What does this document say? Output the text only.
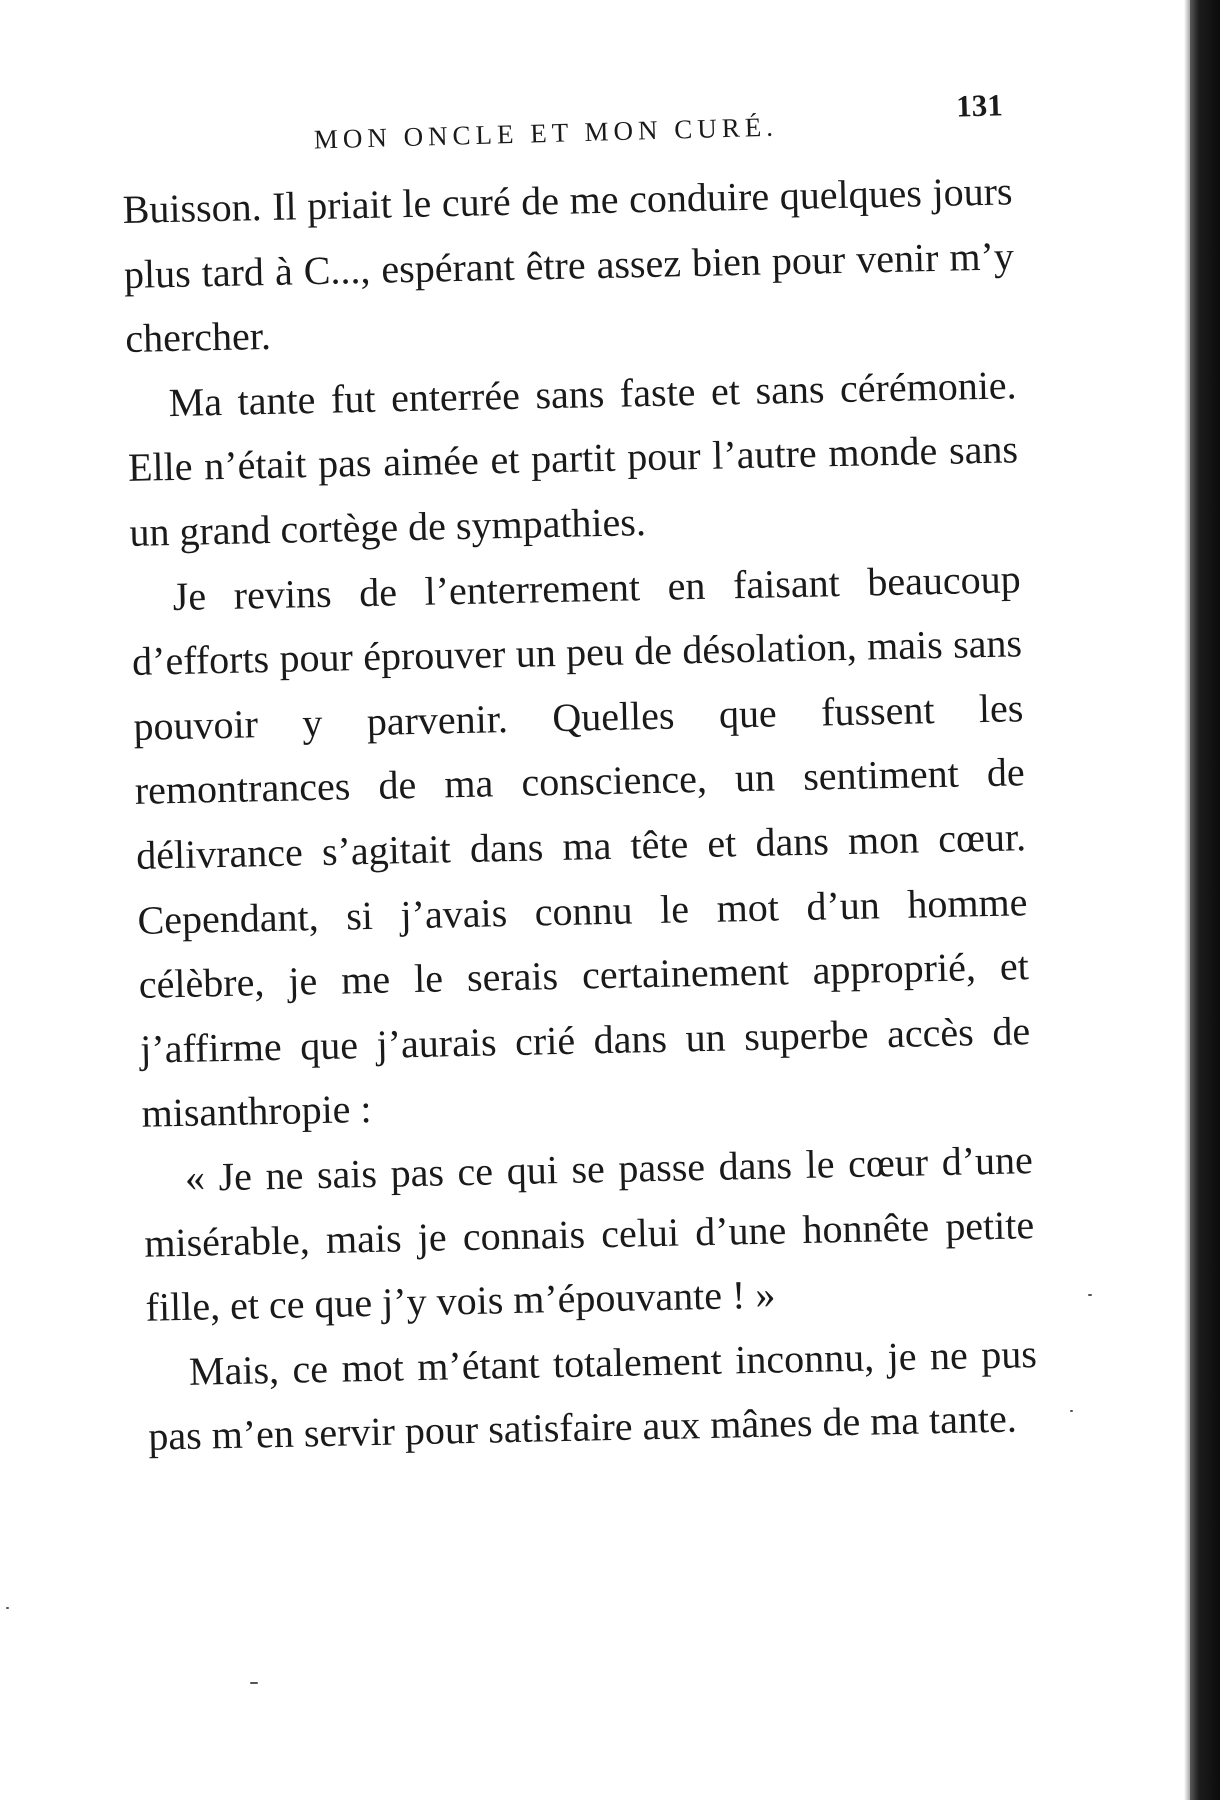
MON ONCLE ET MON CURÉ.
131

Buisson. Il priait le curé de me conduire quelques jours plus tard à C..., espérant être assez bien pour venir m’y chercher.

Ma tante fut enterrée sans faste et sans cérémonie. Elle n’était pas aimée et partit pour l’autre monde sans un grand cortège de sympathies.

Je revins de l’enterrement en faisant beaucoup d’efforts pour éprouver un peu de désolation, mais sans pouvoir y parvenir. Quelles que fussent les remontrances de ma conscience, un sentiment de délivrance s’agitait dans ma tête et dans mon cœur. Cependant, si j’avais connu le mot d’un homme célèbre, je me le serais certainement approprié, et j’affirme que j’aurais crié dans un superbe accès de misanthropie :

« Je ne sais pas ce qui se passe dans le cœur d’une misérable, mais je connais celui d’une honnête petite fille, et ce que j’y vois m’épouvante ! »

Mais, ce mot m’étant totalement inconnu, je ne pus pas m’en servir pour satisfaire aux mânes de ma tante.
